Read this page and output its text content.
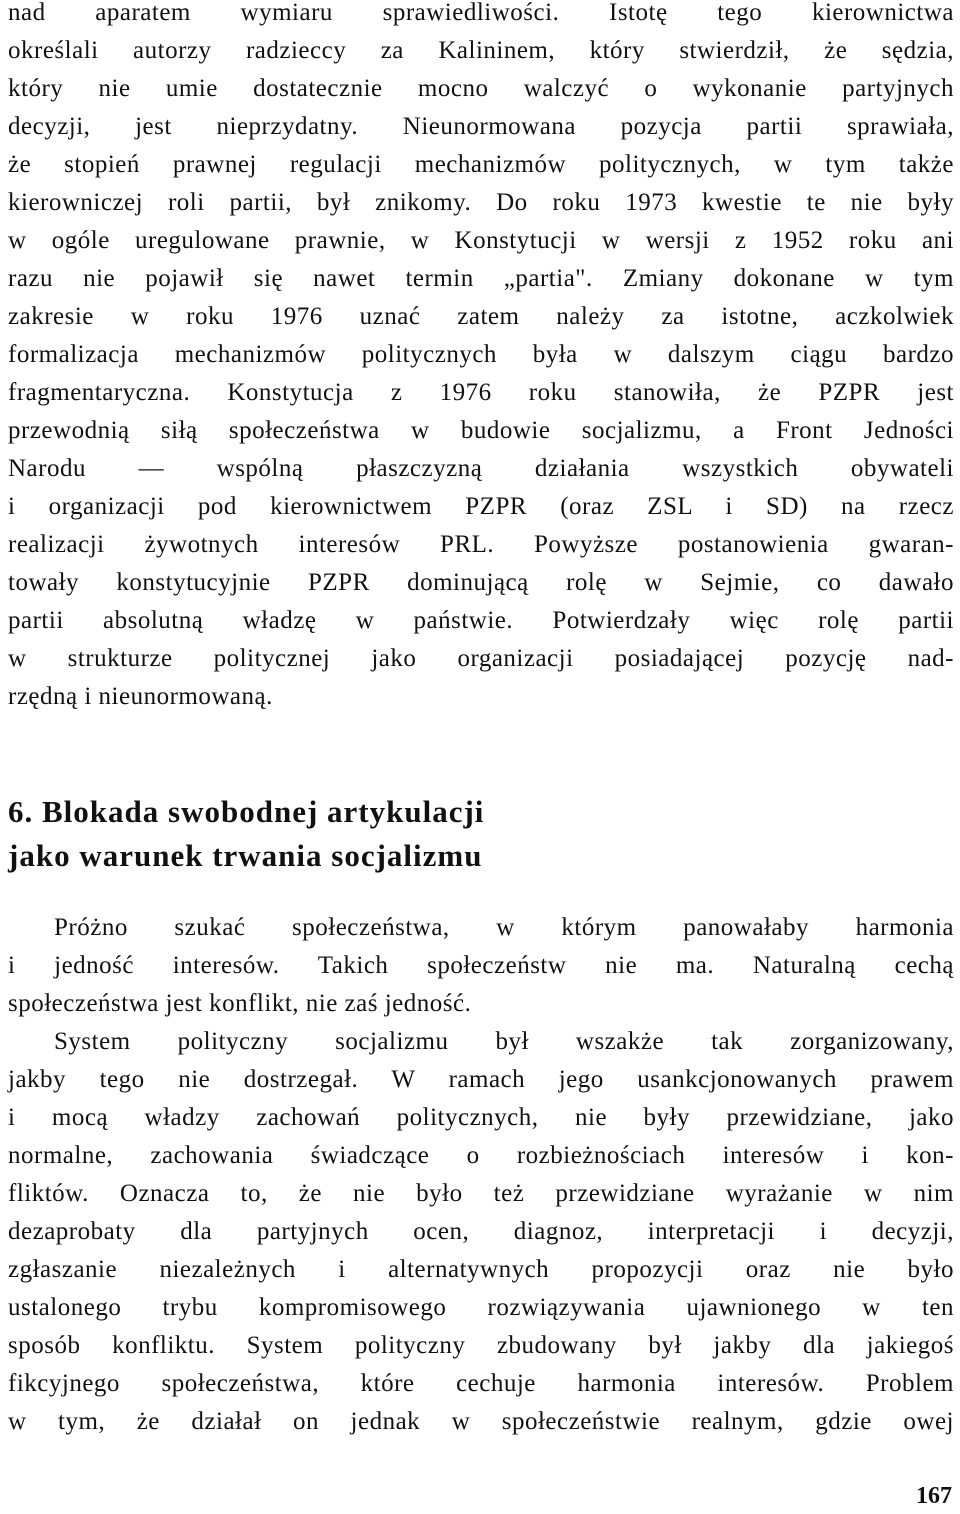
nad aparatem wymiaru sprawiedliwości. Istotę tego kierownictwa
określali autorzy radzieccy za Kalininem, który stwierdził, że sędzia,
który nie umie dostatecznie mocno walczyć o wykonanie partyjnych
decyzji, jest nieprzydatny. Nieunormowana pozycja partii sprawiała,
że stopień prawnej regulacji mechanizmów politycznych, w tym także
kierowniczej roli partii, był znikomy. Do roku 1973 kwestie te nie były
w ogóle uregulowane prawnie, w Konstytucji w wersji z 1952 roku ani
razu nie pojawił się nawet termin „partia". Zmiany dokonane w tym
zakresie w roku 1976 uznać zatem należy za istotne, aczkolwiek
formalizacja mechanizmów politycznych była w dalszym ciągu bardzo
fragmentaryczna. Konstytucja z 1976 roku stanowiła, że PZPR jest
przewodnią siłą społeczeństwa w budowie socjalizmu, a Front Jedności
Narodu — wspólną płaszczyzną działania wszystkich obywateli
i organizacji pod kierownictwem PZPR (oraz ZSL i SD) na rzecz
realizacji żywotnych interesów PRL. Powyższe postanowienia gwaran-
towały konstytucyjnie PZPR dominującą rolę w Sejmie, co dawało
partii absolutną władzę w państwie. Potwierdzały więc rolę partii
w strukturze politycznej jako organizacji posiadającej pozycję nad-
rzędną i nieunormowaną.
6. Blokada swobodnej artykulacji
jako warunek trwania socjalizmu
Próżno szukać społeczeństwa, w którym panowałaby harmonia
i jedność interesów. Takich społeczeństw nie ma. Naturalną cechą
społeczeństwa jest konflikt, nie zaś jedność.
System polityczny socjalizmu był wszakże tak zorganizowany,
jakby tego nie dostrzegał. W ramach jego usankcjonowanych prawem
i mocą władzy zachowań politycznych, nie były przewidziane, jako
normalne, zachowania świadczące o rozbieżnościach interesów i kon-
fliktów. Oznacza to, że nie było też przewidziane wyrażanie w nim
dezaprobaty dla partyjnych ocen, diagnoz, interpretacji i decyzji,
zgłaszanie niezależnych i alternatywnych propozycji oraz nie było
ustalonego trybu kompromisowego rozwiązywania ujawnionego w ten
sposób konfliktu. System polityczny zbudowany był jakby dla jakiegoś
fikcyjnego społeczeństwa, które cechuje harmonia interesów. Problem
w tym, że działał on jednak w społeczeństwie realnym, gdzie owej
167
